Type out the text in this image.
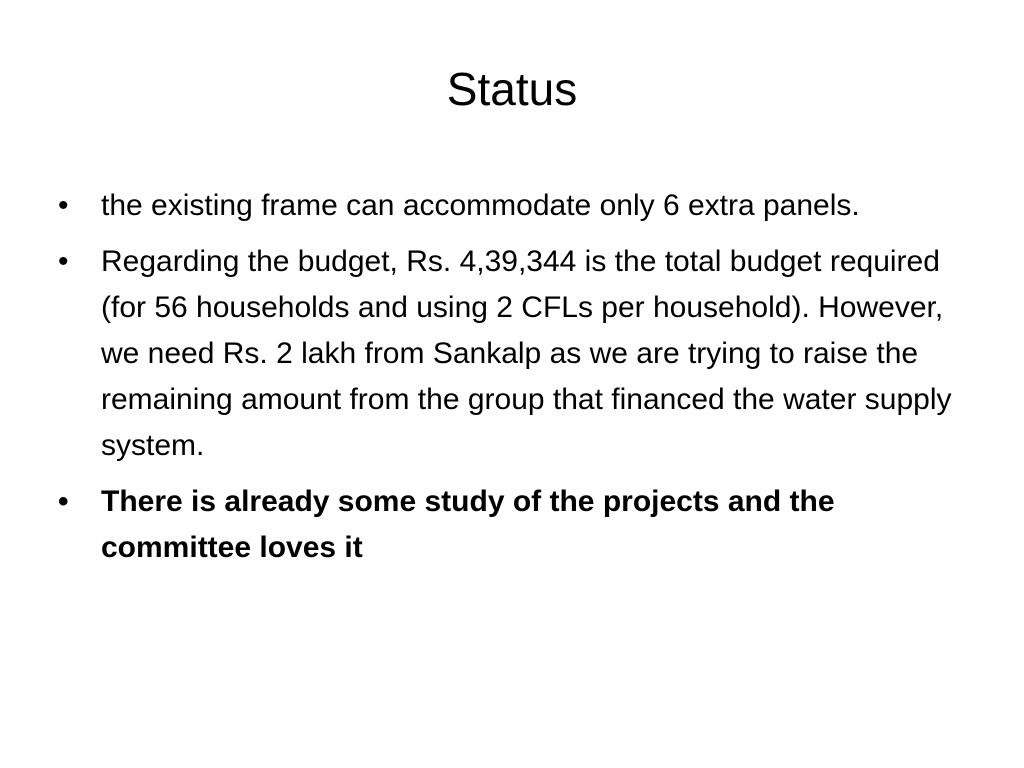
Status
•	the existing frame can accommodate only 6 extra panels.
•	Regarding the budget, Rs. 4,39,344 is the total budget required (for 56 households and using 2 CFLs per household). However, we need Rs. 2 lakh from Sankalp as we are trying to raise the remaining amount from the group that financed the water supply system.
•	There is already some study of the projects and the committee loves it
